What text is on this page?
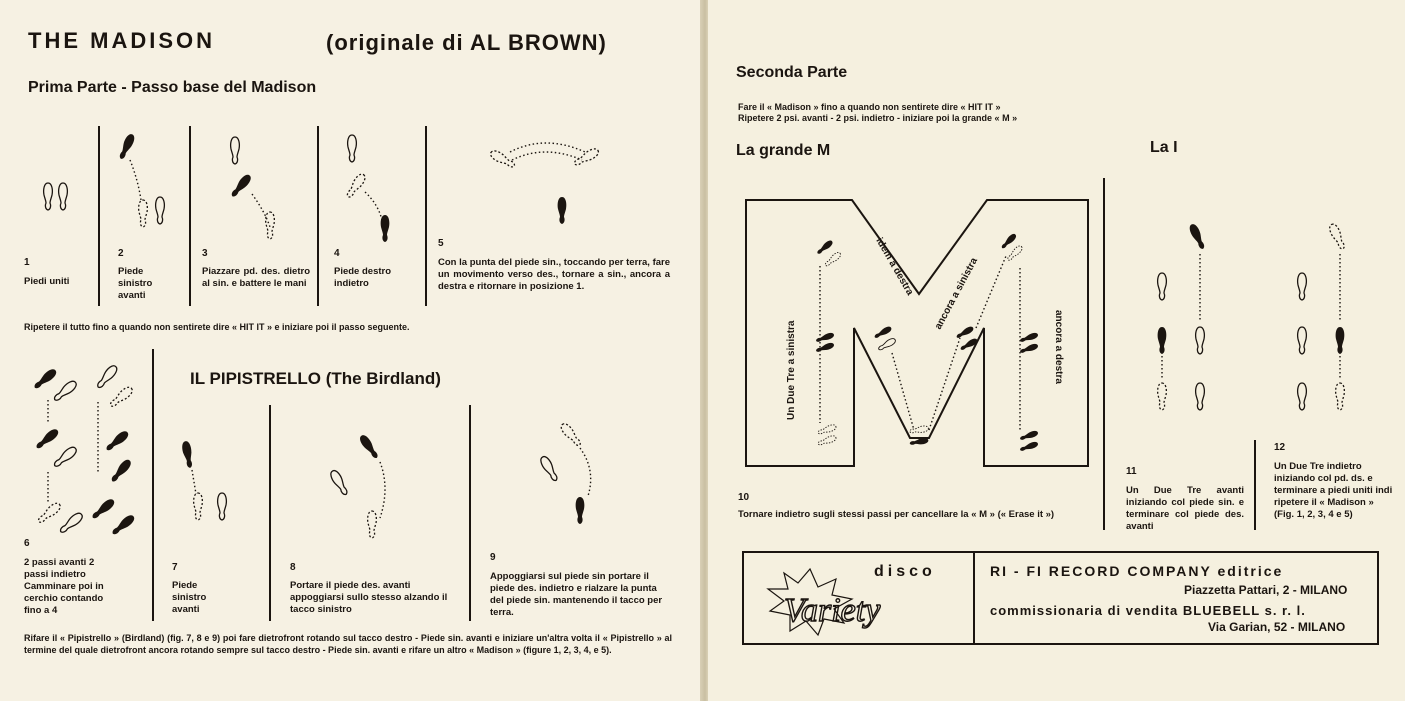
THE MADISON	(originale di AL BROWN)

Prima Parte - Passo base del Madison

1

Piedi uniti

2

Piede sinistro avanti

3

Piazzare pd. des. dietro al sin. e battere le mani

4

Piede destro indietro

5

Con la punta del piede sin., toccando per terra, fare un movimento verso des., tornare a sin., ancora a destra e ritornare in posizione 1.

Ripetere il tutto fino a quando non sentirete dire « HIT IT » e iniziare poi il passo seguente.

IL PIPISTRELLO (The Birdland)

6

2 passi avanti 2 passi indietro Camminare poi in cerchio contando fino a 4

7

Piede sinistro avanti

8

Portare il piede des. avanti appoggiarsi sullo stesso alzando il tacco sinistro

9

Appoggiarsi sul piede sin portare il piede des. indietro e rialzare la punta del piede sin. mantenendo il tacco per terra.

Rifare il « Pipistrello » (Birdland) (fig. 7, 8 e 9) poi fare dietrofront rotando sul tacco destro - Piede sin. avanti e iniziare un'altra volta il « Pipistrello » al termine del quale dietrofront ancora rotando sempre sul tacco destro - Piede sin. avanti e rifare un altro « Madison » (figure 1, 2, 3, 4, e 5).

Seconda Parte

Fare il « Madison » fino a quando non sentirete dire « HIT IT »

Ripetere 2 psi. avanti - 2 psi. indietro - iniziare poi la grande « M »

La grande M	La I

Un Due Tre a sinistra
idem a destra ancora a sinistra
ancora a destra

10

Tornare indietro sugli stessi passi per cancellare la « M » (« Erase it »)

11

Un Due Tre avanti iniziando col piede sin. e terminare col piede des. avanti

12

Un Due Tre indietro iniziando col pd. ds. e terminare a piedi uniti indi ripetere il « Madison » (Fig. 1, 2, 3, 4 e 5)

disco

Variety

RI - FI RECORD COMPANY editrice

Piazzetta Pattari, 2 - MILANO

commissionaria di vendita BLUEBELL s. r. l.

Via Garian, 52 - MILANO
